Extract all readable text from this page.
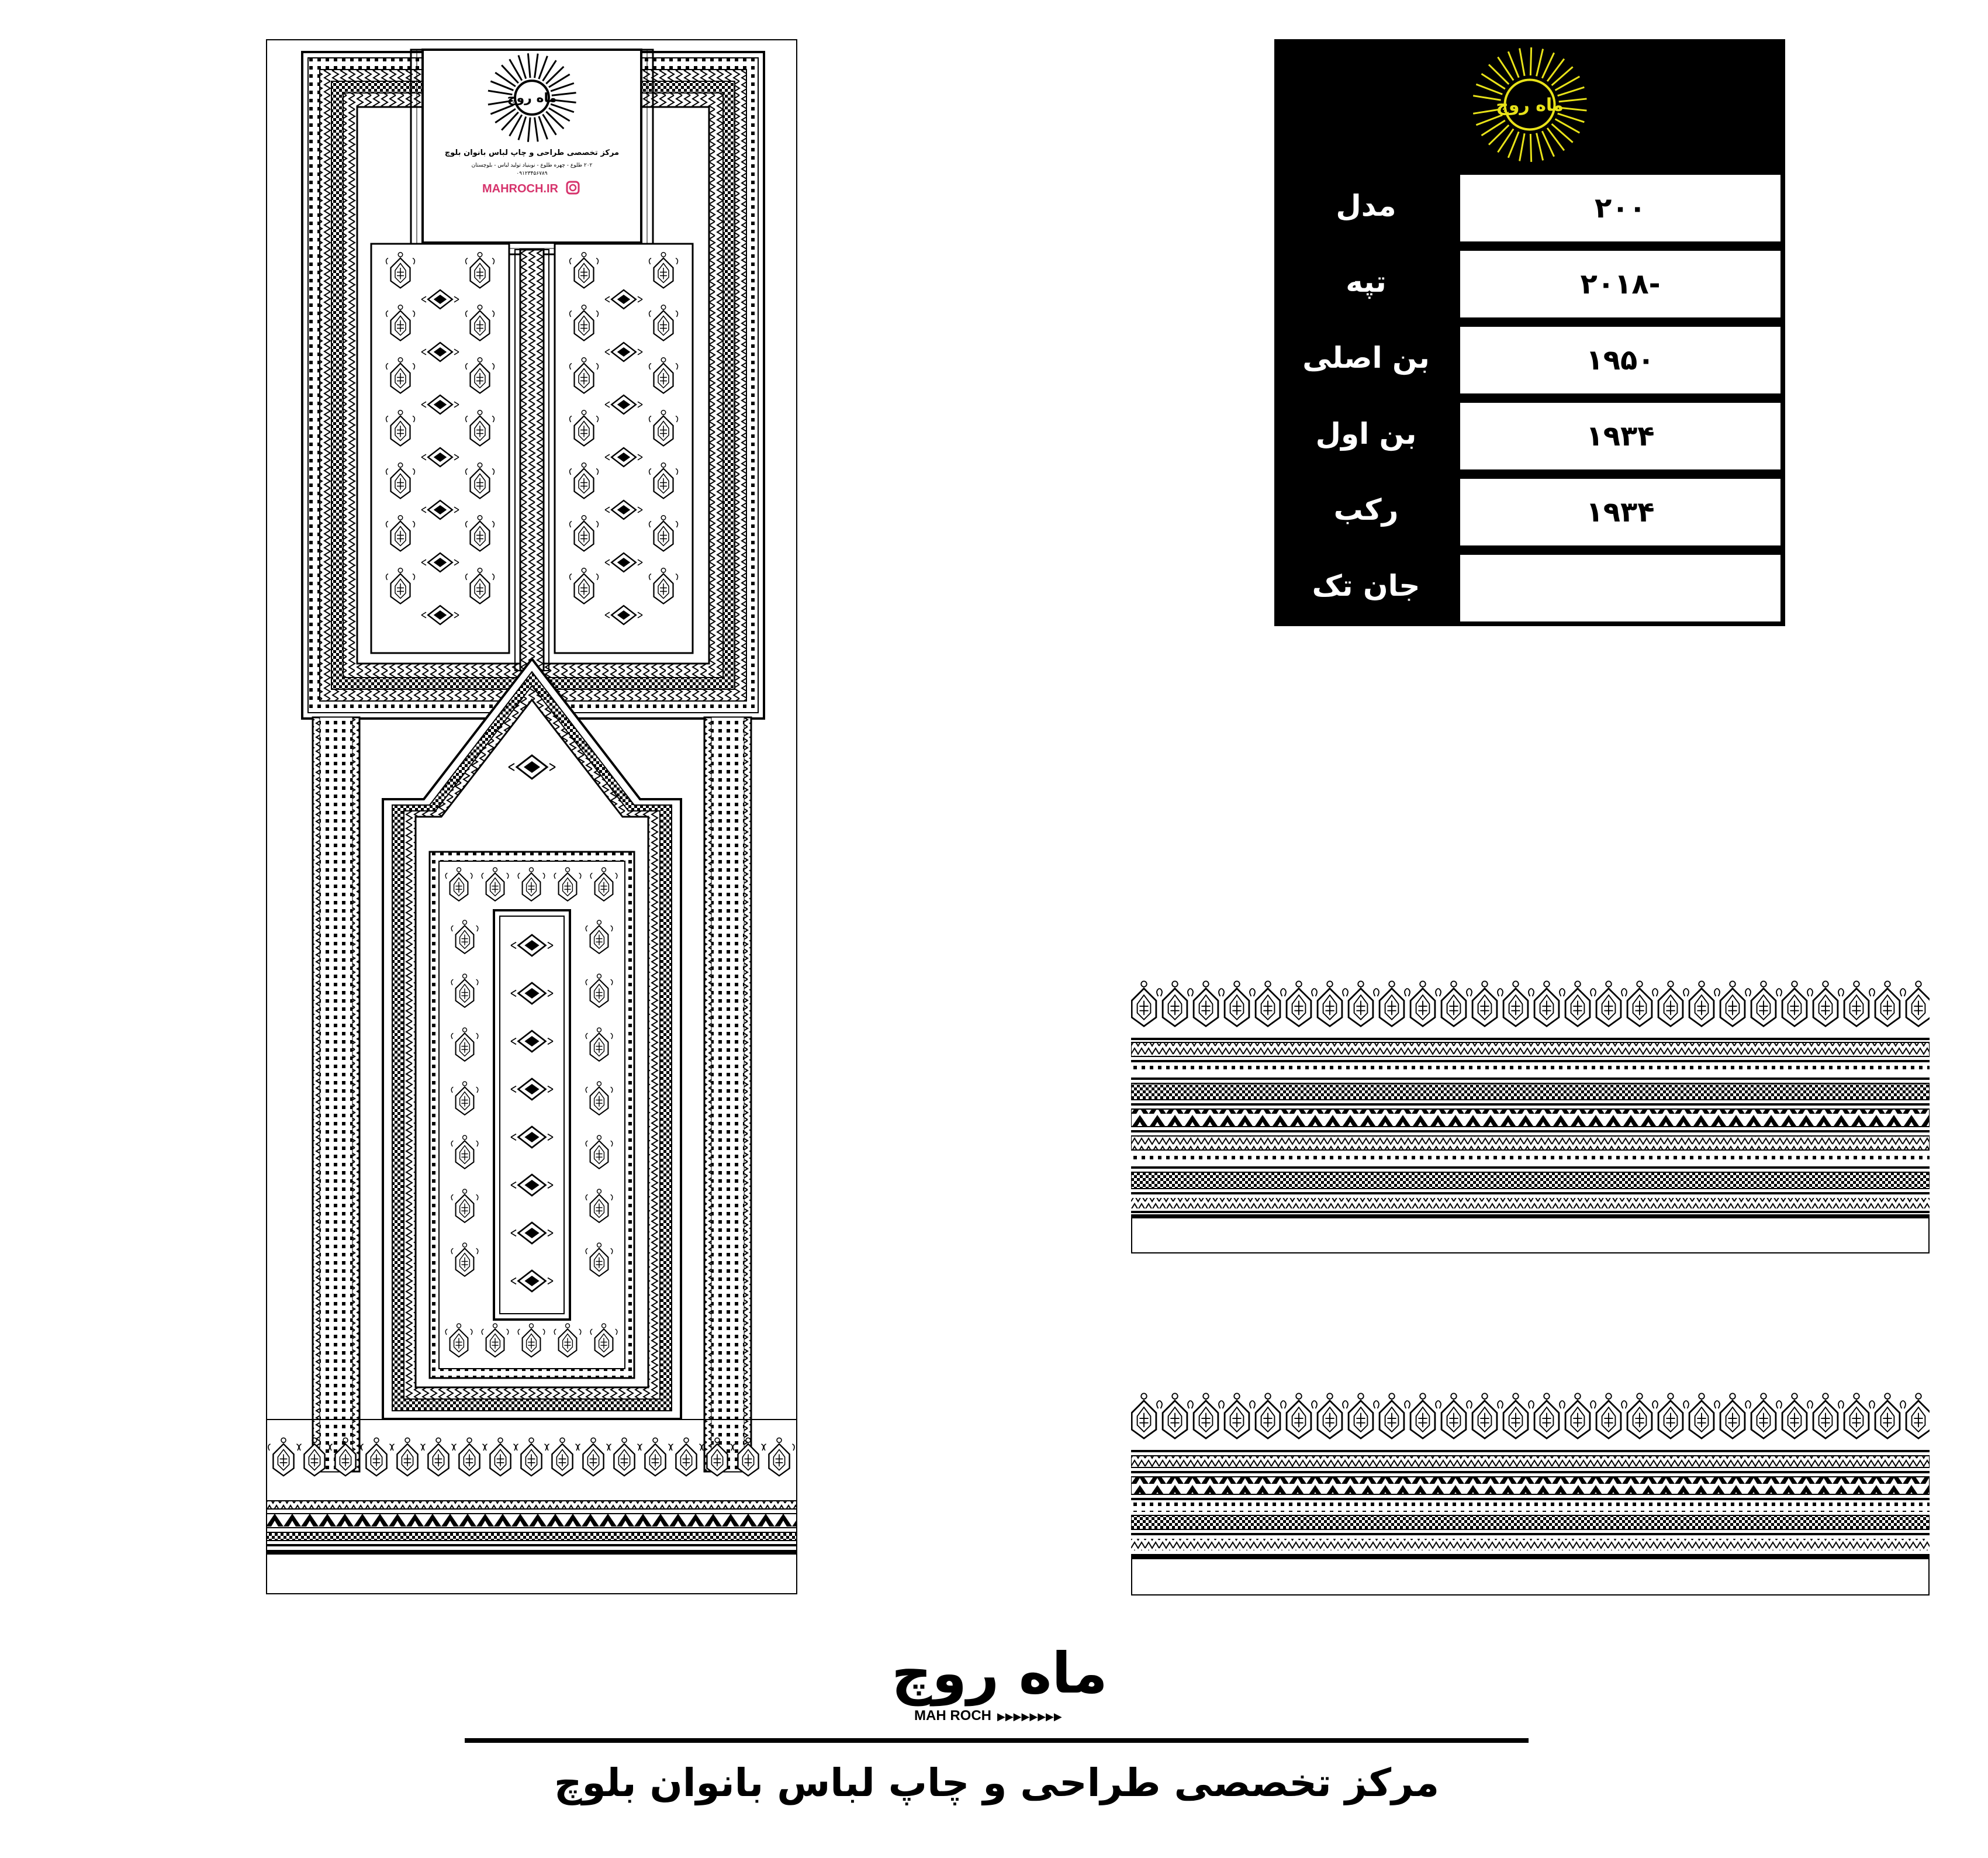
ماه روچ
مرکز تخصصی طراحی و چاپ لباس بانوان بلوچ
۲۰۲ طلوع - چهره طلوع - نوبنیاد تولید لباس - بلوچستان
۰۹۱۲۳۴۵۶۷۸۹
MAHROCH.IR
ماه روچ
مدل	۲۰۰
تپه	۲۰۱۸-
بن اصلی	۱۹۵۰
بن اول	۱۹۳۴
رکب	۱۹۳۴
جان تک
ماه روچ
MAH ROCH ▶▶▶▶▶▶▶▶
مرکز تخصصی طراحی و چاپ لباس بانوان بلوچ
